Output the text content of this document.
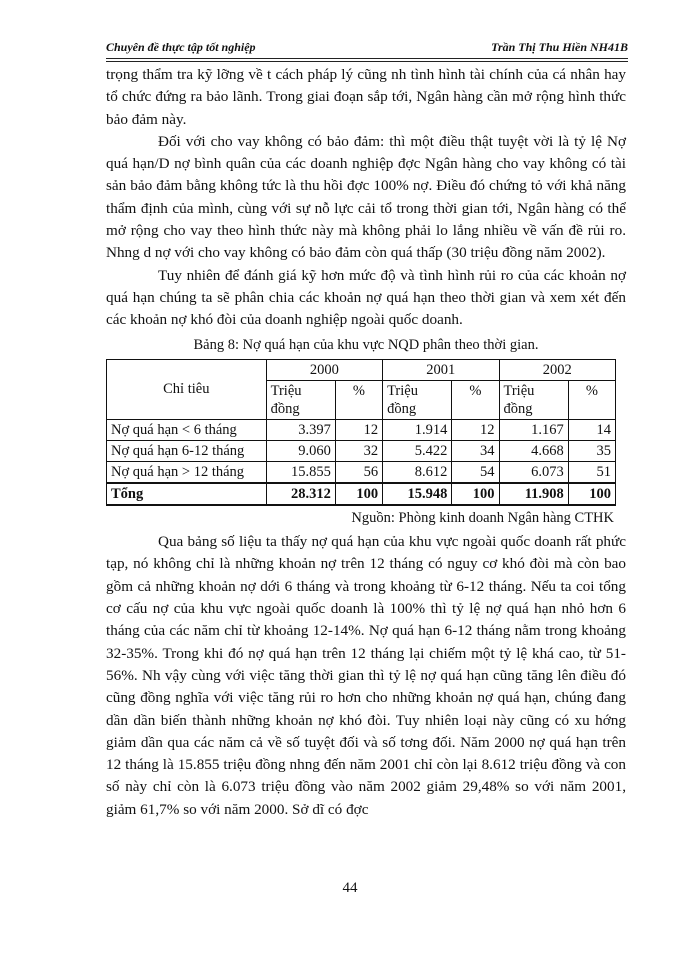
Chuyên đề thực tập tốt nghiệp	Trần Thị Thu Hiền NH41B

trọng thẩm tra kỹ lỡng về t cách pháp lý cũng nh tình hình tài chính của cá nhân hay tổ chức đứng ra bảo lãnh. Trong giai đoạn sắp tới, Ngân hàng cần mở rộng hình thức bảo đảm này.

Đối với cho vay không có bảo đảm: thì một điều thật tuyệt vời là tỷ lệ Nợ quá hạn/D nợ bình quân của các doanh nghiệp đợc Ngân hàng cho vay không có tài sản bảo đảm bằng không tức là thu hồi đợc 100% nợ. Điều đó chứng tỏ với khả năng thẩm định của mình, cùng với sự nỗ lực cải tổ trong thời gian tới, Ngân hàng có thể mở rộng cho vay theo hình thức này mà không phải lo lắng nhiều về vấn đề rủi ro. Nhng d nợ với cho vay không có bảo đảm còn quá thấp (30 triệu đồng năm 2002).

Tuy nhiên để đánh giá kỹ hơn mức độ và tình hình rủi ro của các khoản nợ quá hạn chúng ta sẽ phân chia các khoản nợ quá hạn theo thời gian và xem xét đến các khoản nợ khó đòi của doanh nghiệp ngoài quốc doanh.

Bảng 8: Nợ quá hạn của khu vực NQD phân theo thời gian.
Chỉ tiêu	2000		2001		2002	
	Triệu đồng	%	Triệu đồng	%	Triệu đồng	%
Nợ quá hạn < 6 tháng	3.397	12	1.914	12	1.167	14
Nợ quá hạn 6-12 tháng	9.060	32	5.422	34	4.668	35
Nợ quá hạn > 12 tháng	15.855	56	8.612	54	6.073	51
Tổng	28.312	100	15.948	100	11.908	100
Nguồn: Phòng kinh doanh Ngân hàng CTHK

Qua bảng số liệu ta thấy nợ quá hạn của khu vực ngoài quốc doanh rất phức tạp, nó không chỉ là những khoản nợ trên 12 tháng có nguy cơ khó đòi mà còn bao gồm cả những khoản nợ dới 6 tháng và trong khoảng từ 6-12 tháng. Nếu ta coi tổng cơ cấu nợ của khu vực ngoài quốc doanh là 100% thì tỷ lệ nợ quá hạn nhỏ hơn 6 tháng của các năm chỉ từ khoảng 12-14%. Nợ quá hạn 6-12 tháng nằm trong khoảng 32-35%. Trong khi đó nợ quá hạn trên 12 tháng lại chiếm một tỷ lệ khá cao, từ 51-56%. Nh vậy cùng với việc tăng thời gian thì tỷ lệ nợ quá hạn cũng tăng lên điều đó cũng đồng nghĩa với việc tăng rủi ro hơn cho những khoản nợ quá hạn, chúng đang dần dần biến thành những khoản nợ khó đòi. Tuy nhiên loại này cũng có xu hớng giảm dần qua các năm cả về số tuyệt đối và số tơng đối. Năm 2000 nợ quá hạn trên 12 tháng là 15.855 triệu đồng nhng đến năm 2001 chỉ còn lại 8.612 triệu đồng và con số này chỉ còn là 6.073 triệu đồng vào năm 2002 giảm 29,48% so với năm 2001, giảm 61,7% so với năm 2000. Sở dĩ có đợc

44
